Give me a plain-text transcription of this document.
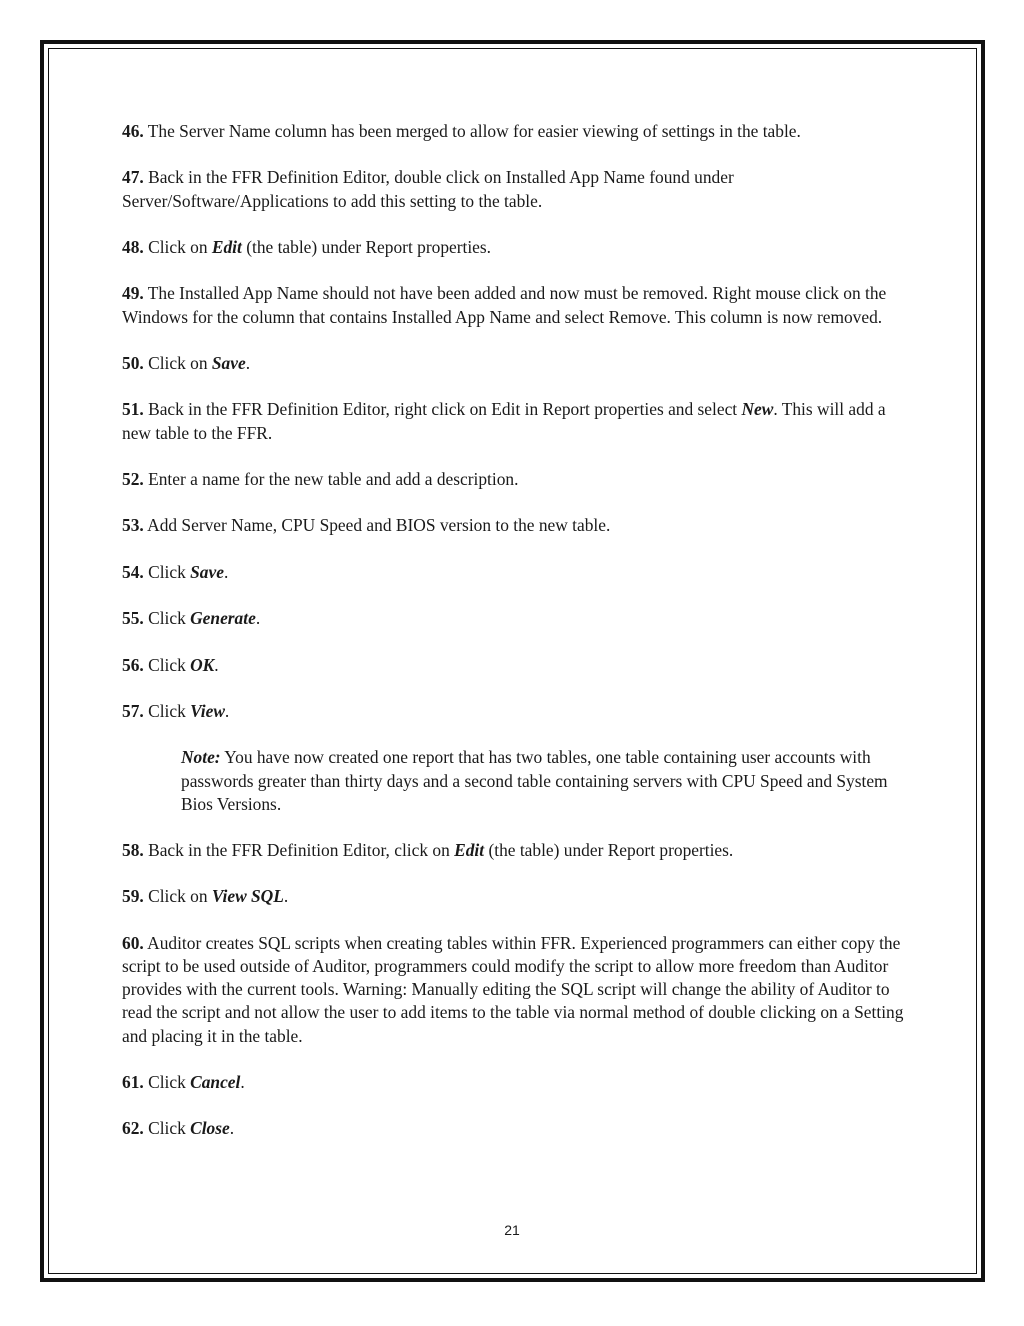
46. The Server Name column has been merged to allow for easier viewing of settings in the table.

47. Back in the FFR Definition Editor, double click on Installed App Name found under Server/Software/Applications to add this setting to the table.

48. Click on Edit (the table) under Report properties.

49. The Installed App Name should not have been added and now must be removed. Right mouse click on the Windows for the column that contains Installed App Name and select Remove. This column is now removed.

50. Click on Save.

51. Back in the FFR Definition Editor, right click on Edit in Report properties and select New. This will add a new table to the FFR.

52. Enter a name for the new table and add a description.

53. Add Server Name, CPU Speed and BIOS version to the new table.

54. Click Save.

55. Click Generate.

56. Click OK.

57. Click View.

Note: You have now created one report that has two tables, one table containing user accounts with passwords greater than thirty days and a second table containing servers with CPU Speed and System Bios Versions.

58. Back in the FFR Definition Editor, click on Edit (the table) under Report properties.

59. Click on View SQL.

60. Auditor creates SQL scripts when creating tables within FFR. Experienced programmers can either copy the script to be used outside of Auditor, programmers could modify the script to allow more freedom than Auditor provides with the current tools. Warning: Manually editing the SQL script will change the ability of Auditor to read the script and not allow the user to add items to the table via normal method of double clicking on a Setting and placing it in the table.

61. Click Cancel.

62. Click Close.

21
